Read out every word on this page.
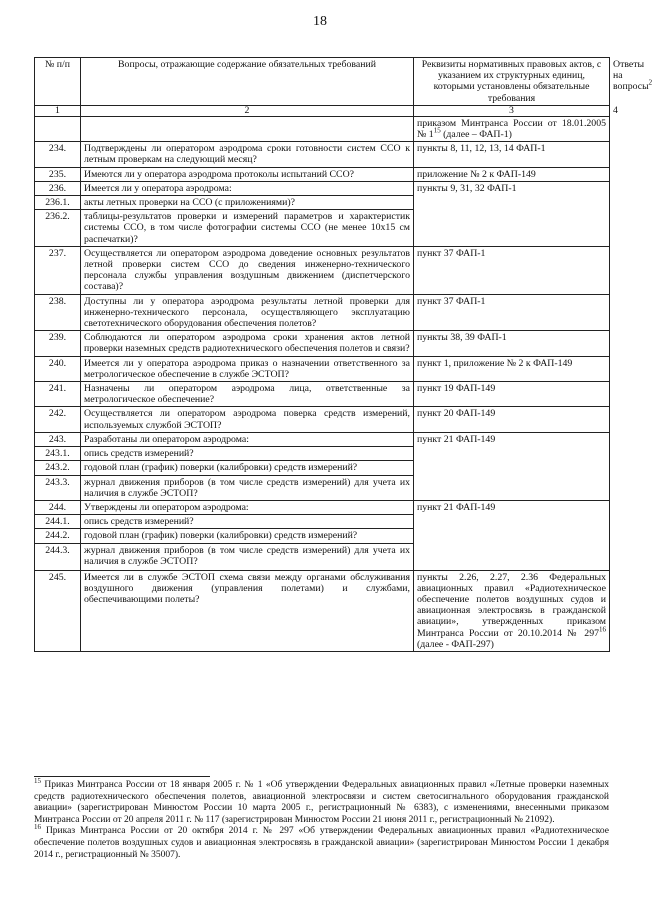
18
№ п/п	Вопросы, отражающие содержание обязательных требований	Реквизиты нормативных правовых актов, с указанием их структурных единиц, которыми установлены обязательные требования	Ответы на вопросы$^2$
1	2	3	4
		приказом Минтранса России от 18.01.2005 № $1^{15}$ (далее – ФАП-1)	
234.	Подтверждены ли оператором аэродрома сроки готовности систем ССО к летным проверкам на следующий месяц?	пункты 8, 11, 12, 13, 14 ФАП-1	
235.	Имеются ли у оператора аэродрома протоколы испытаний ССО?	приложение № 2 к ФАП-149	
236.	Имеется ли у оператора аэродрома:	пункты 9, 31, 32 ФАП-1	
236.1.	акты летных проверки на ССО (с приложениями)?		
236.2.	таблицы-результатов проверки и измерений параметров и характеристик системы ССО, в том числе фотографии системы ССО (не менее 10х15 см распечатки)?		
237.	Осуществляется ли оператором аэродрома доведение основных результатов летной проверки систем ССО до сведения инженерно-технического персонала службы управления воздушным движением (диспетчерского состава)?	пункт 37 ФАП-1	
238.	Доступны ли у оператора аэродрома результаты летной проверки для инженерно-технического персонала, осуществляющего эксплуатацию светотехнического оборудования обеспечения полетов?	пункт 37 ФАП-1	
239.	Соблюдаются ли оператором аэродрома сроки хранения актов летной проверки наземных средств радиотехнического обеспечения полетов и связи?	пункты 38, 39 ФАП-1	
240.	Имеется ли у оператора аэродрома приказ о назначении ответственного за метрологическое обеспечение в службе ЭСТОП?	пункт 1, приложение № 2 к ФАП-149	
241.	Назначены ли оператором аэродрома лица, ответственные за метрологическое обеспечение?	пункт 19 ФАП-149	
242.	Осуществляется ли оператором аэродрома поверка средств измерений, используемых службой ЭСТОП?	пункт 20 ФАП-149	
243.	Разработаны ли оператором аэродрома:	пункт 21 ФАП-149	
243.1.	опись средств измерений?		
243.2.	годовой план (график) поверки (калибровки) средств измерений?		
243.3.	журнал движения приборов (в том числе средств измерений) для учета их наличия в службе ЭСТОП?		
244.	Утверждены ли оператором аэродрома:	пункт 21 ФАП-149	
244.1.	опись средств измерений?		
244.2.	годовой план (график) поверки (калибровки) средств измерений?		
244.3.	журнал движения приборов (в том числе средств измерений) для учета их наличия в службе ЭСТОП?		
245.	Имеется ли в службе ЭСТОП схема связи между органами обслуживания воздушного движения (управления полетами) и службами, обеспечивающими полеты?	пункты 2.26, 2.27, 2.36 Федеральных авиационных правил «Радиотехническое обеспечение полетов воздушных судов и авиационная электросвязь в гражданской авиации», утвержденных приказом Минтранса России от 20.10.2014 № $297^{16}$ (далее - ФАП-297)	

$^{15}$ Приказ Минтранса России от 18 января 2005 г. № 1 «Об утверждении Федеральных авиационных правил «Летные проверки наземных средств радиотехнического обеспечения полетов, авиационной электросвязи и систем светосигнального оборудования гражданской авиации» (зарегистрирован Минюстом России 10 марта 2005 г., регистрационный № 6383), с изменениями, внесенными приказом Минтранса России от 20 апреля 2011 г. № 117 (зарегистрирован Минюстом России 21 июня 2011 г., регистрационный № 21092).

$^{16}$ Приказ Минтранса России от 20 октября 2014 г. № 297 «Об утверждении Федеральных авиационных правил «Радиотехническое обеспечение полетов воздушных судов и авиационная электросвязь в гражданской авиации» (зарегистрирован Минюстом России 1 декабря 2014 г., регистрационный № 35007).
